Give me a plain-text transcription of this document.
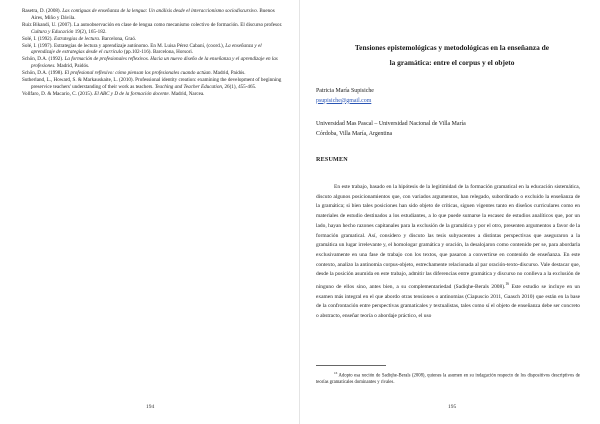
Rasetra, D. (2008). Las contiguas de enseñanza de la lengua: Un análisis desde el interaccionismo sociodiscursivo. Buenos Aires, Miño y Dávila.

Ruiz Bikandi, U. (2007). La autoobservación en clase de lengua como mecanismo colectivo de formación. El discurso profesor. Cultura y Educación 19(2), 165-182.

Solé, I. (1992). Estrategias de lectura. Barcelona, Graó.

Solé, I. (1997). Estrategias de lectura y aprendizaje autónomo. En M. Luisa Pérez Cabaní, (coord.), La enseñanza y el aprendizaje de estrategias desde el currículo (pp.102-116). Barcelona, Horsori.

Schön, D.A. (1992). La formación de profesionales reflexivos. Hacia un nuevo diseño de la enseñanza y el aprendizaje en las profesiones. Madrid, Paidós.

Schön, D.A. (1998). El profesional reflexivo: cómo piensan los profesionales cuando actúan. Madrid, Paidós.

Sutherland, L., Howard, S. & Markauskaite, L. (2010). Professional identity creation: examining the development of beginning preservice teachers' understanding of their work as teachers. Teaching and Teacher Education, 26(1), 455-465.

Vollfaro, D. & Macario, C. (2015). El ABC y D de la formación docente. Madrid, Narcea.

194
Tensiones epistemológicas y metodológicas en la enseñanza de
la gramática: entre el corpus y el objeto
Patricia María Supisiche
psupisiche@gmail.com
Universidad Mas Pascal – Universidad Nacional de Villa María
Córdoba, Villa María, Argentina
RESUMEN
En este trabajo, basado en la hipótesis de la legitimidad de la formación gramatical en la educación sistemática, discuto algunos posicionamientos que, con variados argumentos, han relegado, subordinado o excluido la enseñanza de la gramática; si bien tales posiciones han sido objeto de críticas, siguen vigentes tanto en diseños curriculares como en materiales de estudio destinados a los estudiantes, a lo que puede sumarse la escasez de estudios analíticos que, por un lado, hayan hecho razones capitanales para la exclusión de la gramática y por el otro, presenten argumentos a favor de la formación gramatical. Así, considero y discuto las tesis subyacentes a distintas perspectivas que aseguraron a la gramática un lugar irrelevante y, el homologar gramática y oración, la desalojaron como contenido per se, para abordarla exclusivamente en una fase de trabajo con los textos, que pasaron a convertirse en contenido de enseñanza. En este contexto, analizo la antinomia corpus-objeto, estrechamente relacionada al par oración-texto-discurso. Vale destacar que, desde la posición asumida en este trabajo, admitir las diferencias entre gramática y discurso no conlleva a la exclusión de ninguno de ellos sino, antes bien, a su complementariedad (Sadiqhe-Berals 2008).$^{16}$ Este estudio se incluye en un examen más integral en el que abordo otras tensiones o antinomias (Ciapuscio 2011, Gaasch 2010) que están en la base de la confrontación entre perspectivas gramaticales y textualistas, tales como sí el objeto de enseñanza debe ser concreto o abstracto, enseñar teoría o abordaje práctico, el uso
$^{16}$ Adopto esa noción de Sadiqhe-Berals (2008), quienes la asumen en su indagación respecto de los dispositivos descriptivos de teorías gramaticales dominantes y rivales.
195
